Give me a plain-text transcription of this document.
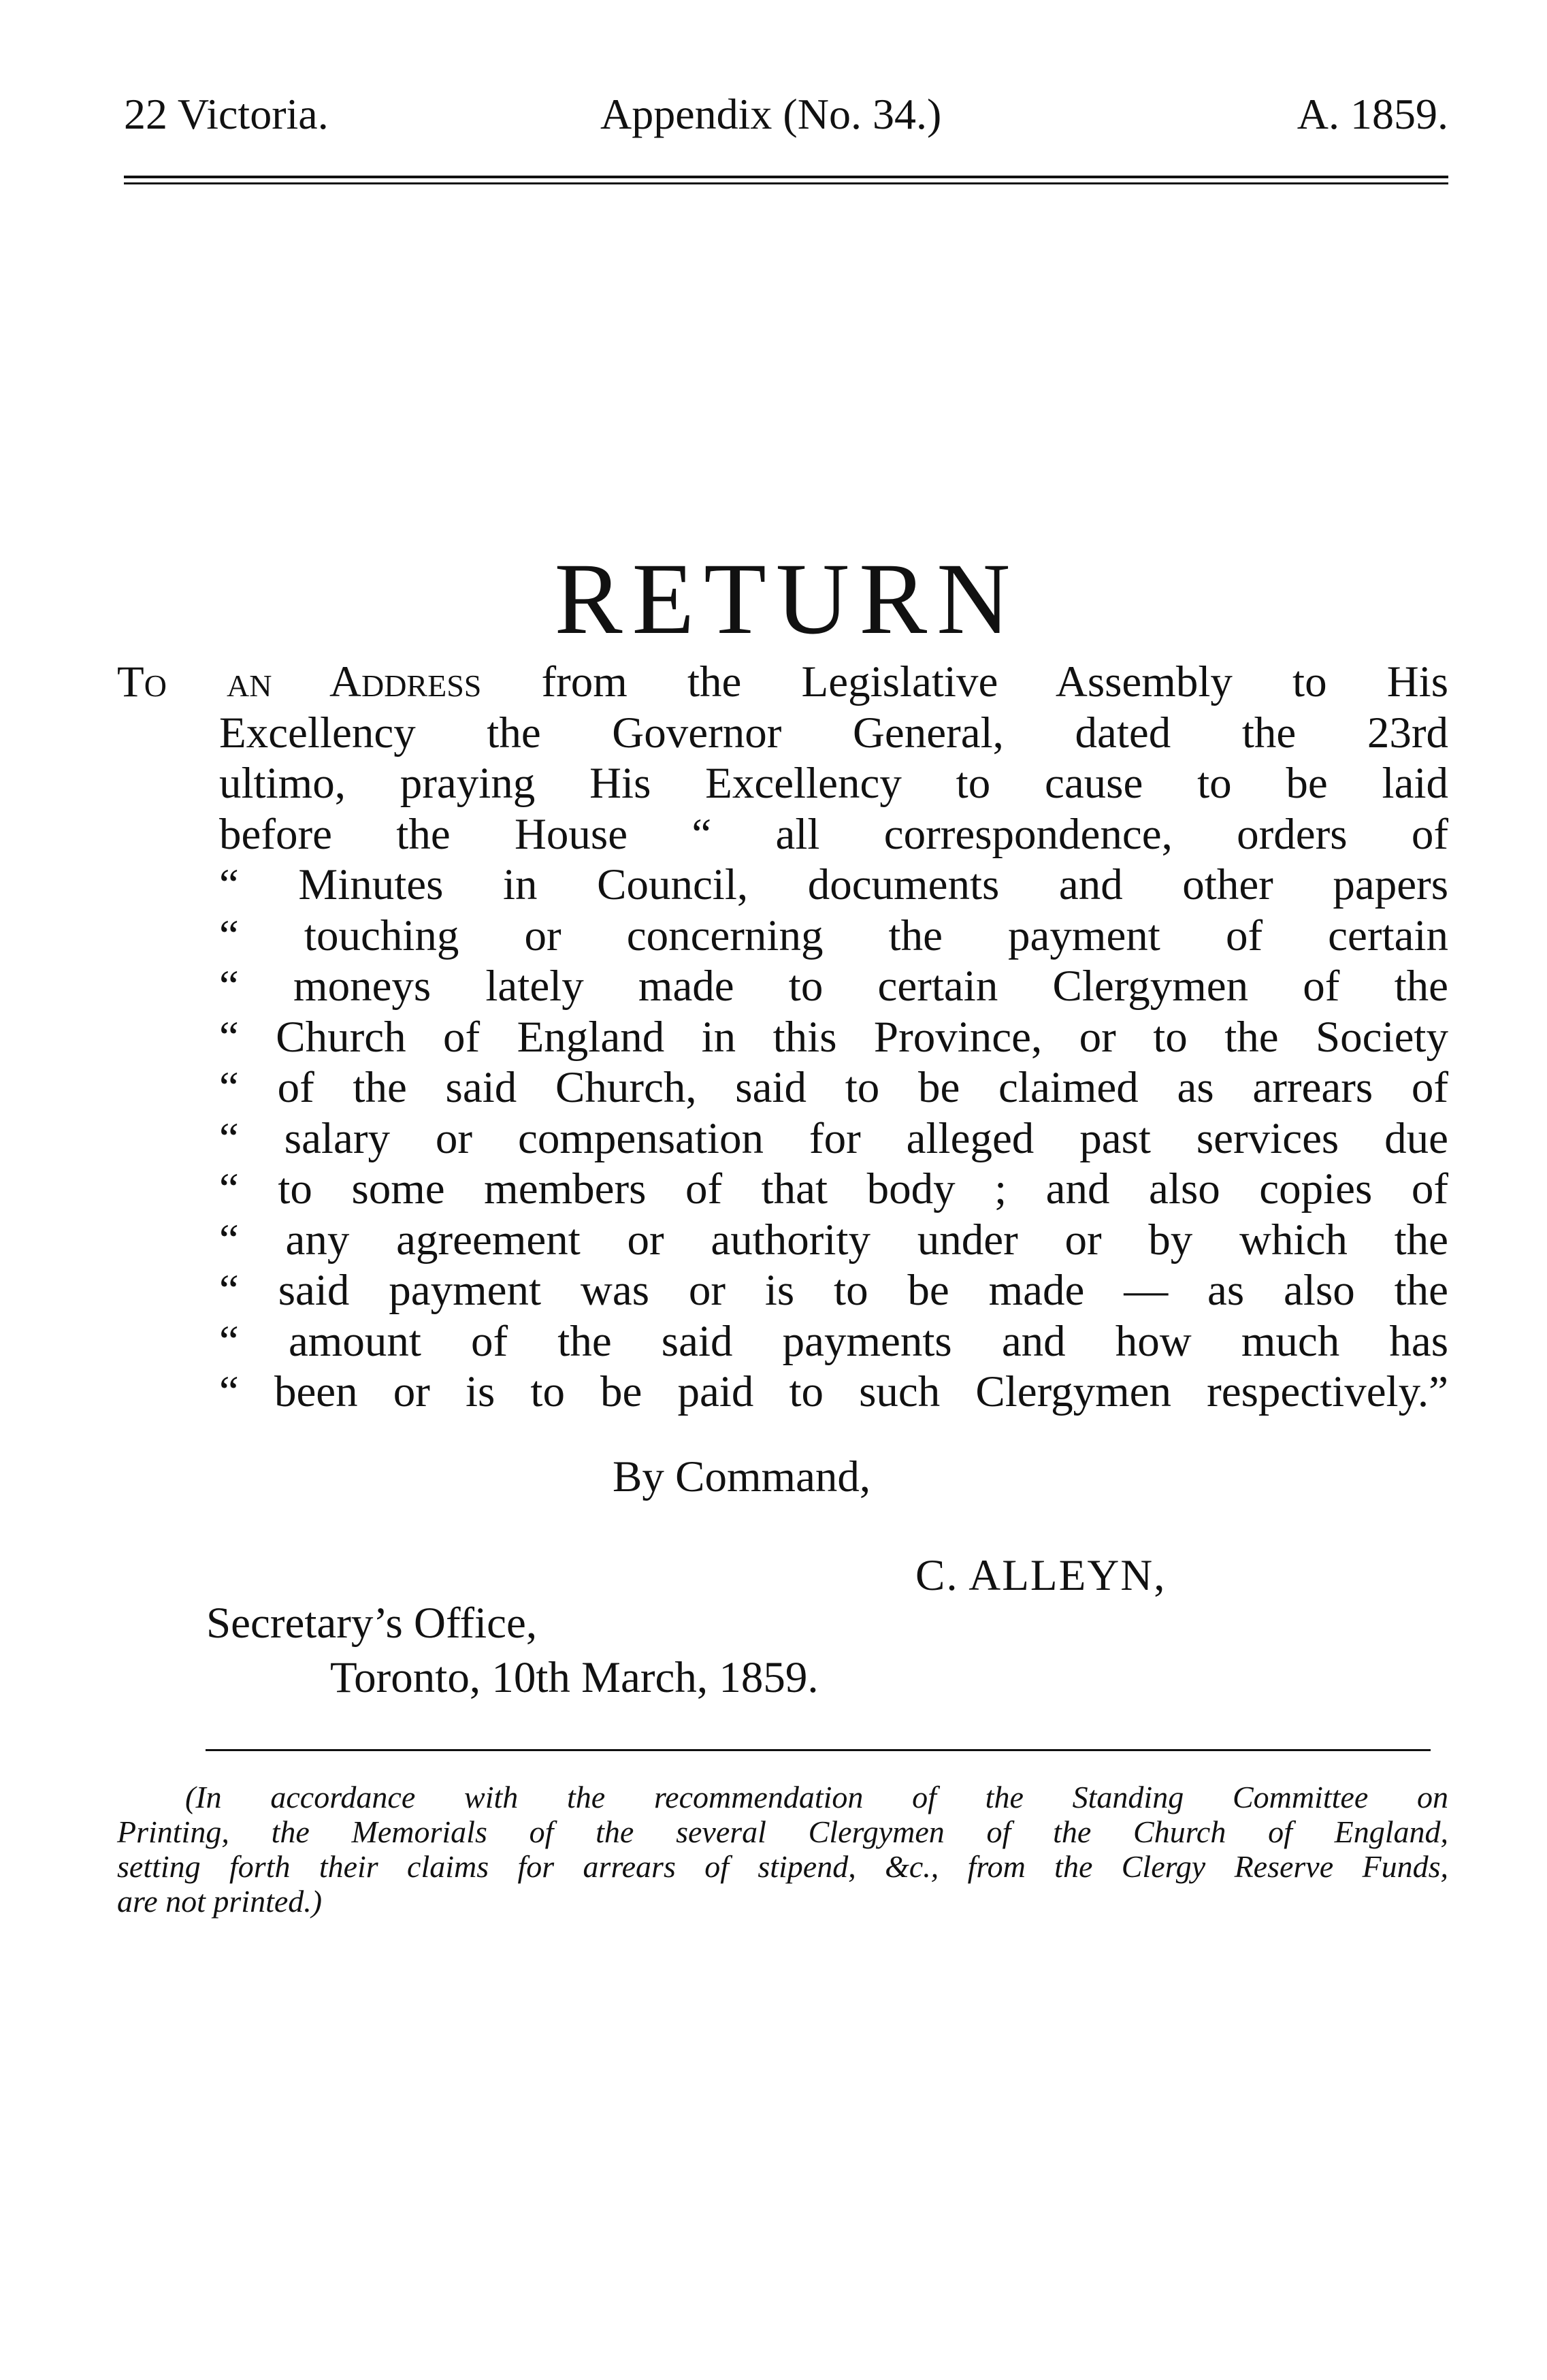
22 Victoria.	Appendix (No. 34.)	A. 1859.
RETURN
To an Address from the Legislative Assembly to His
Excellency the Governor General, dated the 23rd
ultimo, praying His Excellency to cause to be laid
before the House “ all correspondence, orders of
“ Minutes in Council, documents and other papers
“ touching or concerning the payment of certain
“ moneys lately made to certain Clergymen of the
“ Church of England in this Province, or to the Society
“ of the said Church, said to be claimed as arrears of
“ salary or compensation for alleged past services due
“ to some members of that body ; and also copies of
“ any agreement or authority under or by which the
“ said payment was or is to be made — as also the
“ amount of the said payments and how much has
“ been or is to be paid to such Clergymen respectively.”
By Command,
C. ALLEYN,
Secretary’s Office,
Toronto, 10th March, 1859.
(In accordance with the recommendation of the Standing Committee on
Printing, the Memorials of the several Clergymen of the Church of England,
setting forth their claims for arrears of stipend, &c., from the Clergy Reserve Funds,
are not printed.)
